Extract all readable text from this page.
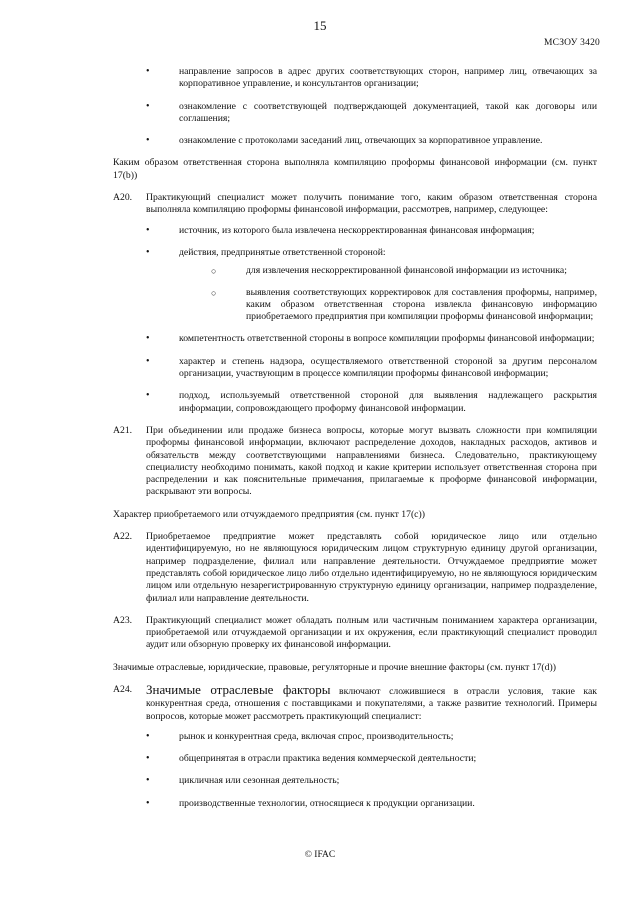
15
МСЗОУ 3420
•	направление запросов в адрес других соответствующих сторон, например лиц, отвечающих за корпоративное управление, и консультантов организации;
•	ознакомление с соответствующей подтверждающей документацией, такой как договоры или соглашения;
•	ознакомление с протоколами заседаний лиц, отвечающих за корпоративное управление.
Каким образом ответственная сторона выполняла компиляцию проформы финансовой информации (см. пункт 17(b))
A20. Практикующий специалист может получить понимание того, каким образом ответственная сторона выполняла компиляцию проформы финансовой информации, рассмотрев, например, следующее:
•	источник, из которого была извлечена нескорректированная финансовая информация;
•	действия, предпринятые ответственной стороной:
○	для извлечения нескорректированной финансовой информации из источника;
○	выявления соответствующих корректировок для составления проформы, например, каким образом ответственная сторона извлекла финансовую информацию приобретаемого предприятия при компиляции проформы финансовой информации;
•	компетентность ответственной стороны в вопросе компиляции проформы финансовой информации;
•	характер и степень надзора, осуществляемого ответственной стороной за другим персоналом организации, участвующим в процессе компиляции проформы финансовой информации;
•	подход, используемый ответственной стороной для выявления надлежащего раскрытия информации, сопровождающего проформу финансовой информации.
A21. При объединении или продаже бизнеса вопросы, которые могут вызвать сложности при компиляции проформы финансовой информации, включают распределение доходов, накладных расходов, активов и обязательств между соответствующими направлениями бизнеса. Следовательно, практикующему специалисту необходимо понимать, какой подход и какие критерии использует ответственная сторона при распределении и как пояснительные примечания, прилагаемые к проформе финансовой информации, раскрывают эти вопросы.
Характер приобретаемого или отчуждаемого предприятия (см. пункт 17(c))
A22. Приобретаемое предприятие может представлять собой юридическое лицо или отдельно идентифицируемую, но не являющуюся юридическим лицом структурную единицу другой организации, например подразделение, филиал или направление деятельности. Отчуждаемое предприятие может представлять собой юридическое лицо либо отдельно идентифицируемую, но не являющуюся юридическим лицом или отдельную незарегистрированную структурную единицу организации, например подразделение, филиал или направление деятельности.
A23. Практикующий специалист может обладать полным или частичным пониманием характера организации, приобретаемой или отчуждаемой организации и их окружения, если практикующий специалист проводил аудит или обзорную проверку их финансовой информации.
Значимые отраслевые, юридические, правовые, регуляторные и прочие внешние факторы (см. пункт 17(d))
A24. Значимые отраслевые факторы включают сложившиеся в отрасли условия, такие как конкурентная среда, отношения с поставщиками и покупателями, а также развитие технологий. Примеры вопросов, которые может рассмотреть практикующий специалист:
•	рынок и конкурентная среда, включая спрос, производительность;
•	общепринятая в отрасли практика ведения коммерческой деятельности;
•	цикличная или сезонная деятельность;
•	производственные технологии, относящиеся к продукции организации.
© IFAC
